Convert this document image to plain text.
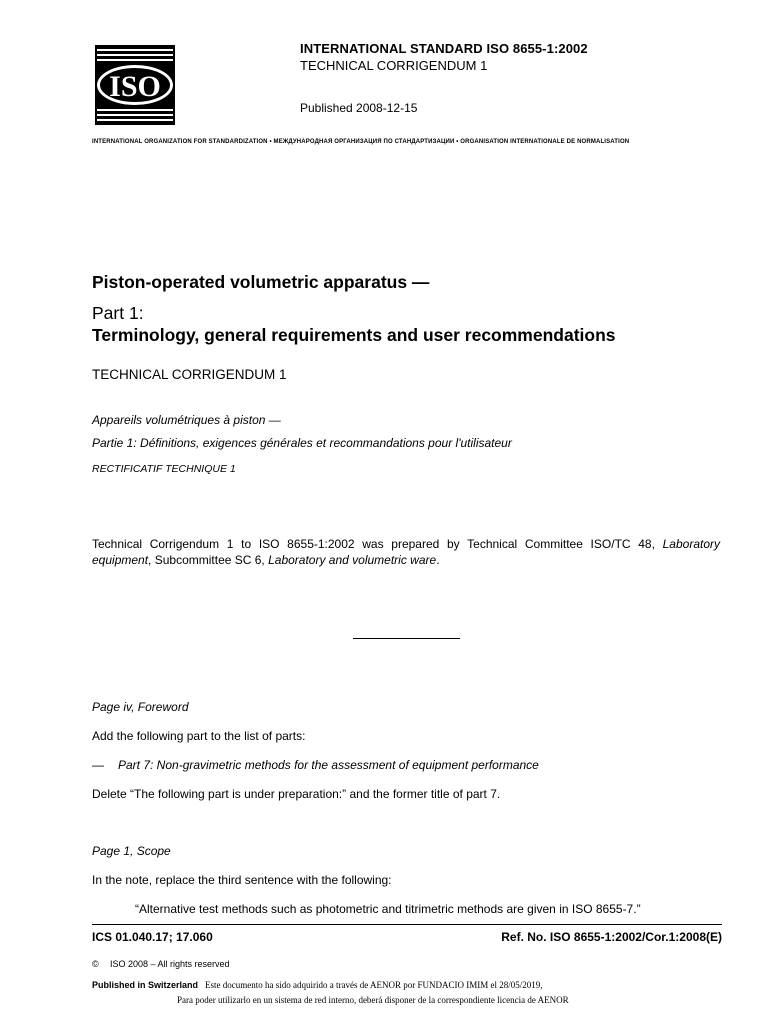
ISO
INTERNATIONAL STANDARD ISO 8655-1:2002
TECHNICAL CORRIGENDUM 1
Published 2008-12-15
INTERNATIONAL ORGANIZATION FOR STANDARDIZATION • МЕЖДУНАРОДНАЯ ОРГАНИЗАЦИЯ ПО СТАНДАРТИЗАЦИИ • ORGANISATION INTERNATIONALE DE NORMALISATION
Piston-operated volumetric apparatus —
Part 1:
Terminology, general requirements and user recommendations
TECHNICAL CORRIGENDUM 1
Appareils volumétriques à piston —
Partie 1: Définitions, exigences générales et recommandations pour l'utilisateur
RECTIFICATIF TECHNIQUE 1
Technical Corrigendum 1 to ISO 8655-1:2002 was prepared by Technical Committee ISO/TC 48, Laboratory equipment, Subcommittee SC 6, Laboratory and volumetric ware.
Page iv, Foreword
Add the following part to the list of parts:
— Part 7: Non-gravimetric methods for the assessment of equipment performance
Delete “The following part is under preparation:” and the former title of part 7.
Page 1, Scope
In the note, replace the third sentence with the following:
“Alternative test methods such as photometric and titrimetric methods are given in ISO 8655-7.”
ICS 01.040.17; 17.060	Ref. No. ISO 8655-1:2002/Cor.1:2008(E)
© ISO 2008 – All rights reserved
Published in Switzerland Este documento ha sido adquirido a través de AENOR por FUNDACIO IMIM el 28/05/2019,
Para poder utilizarlo en un sistema de red interno, deberá disponer de la correspondiente licencia de AENOR
